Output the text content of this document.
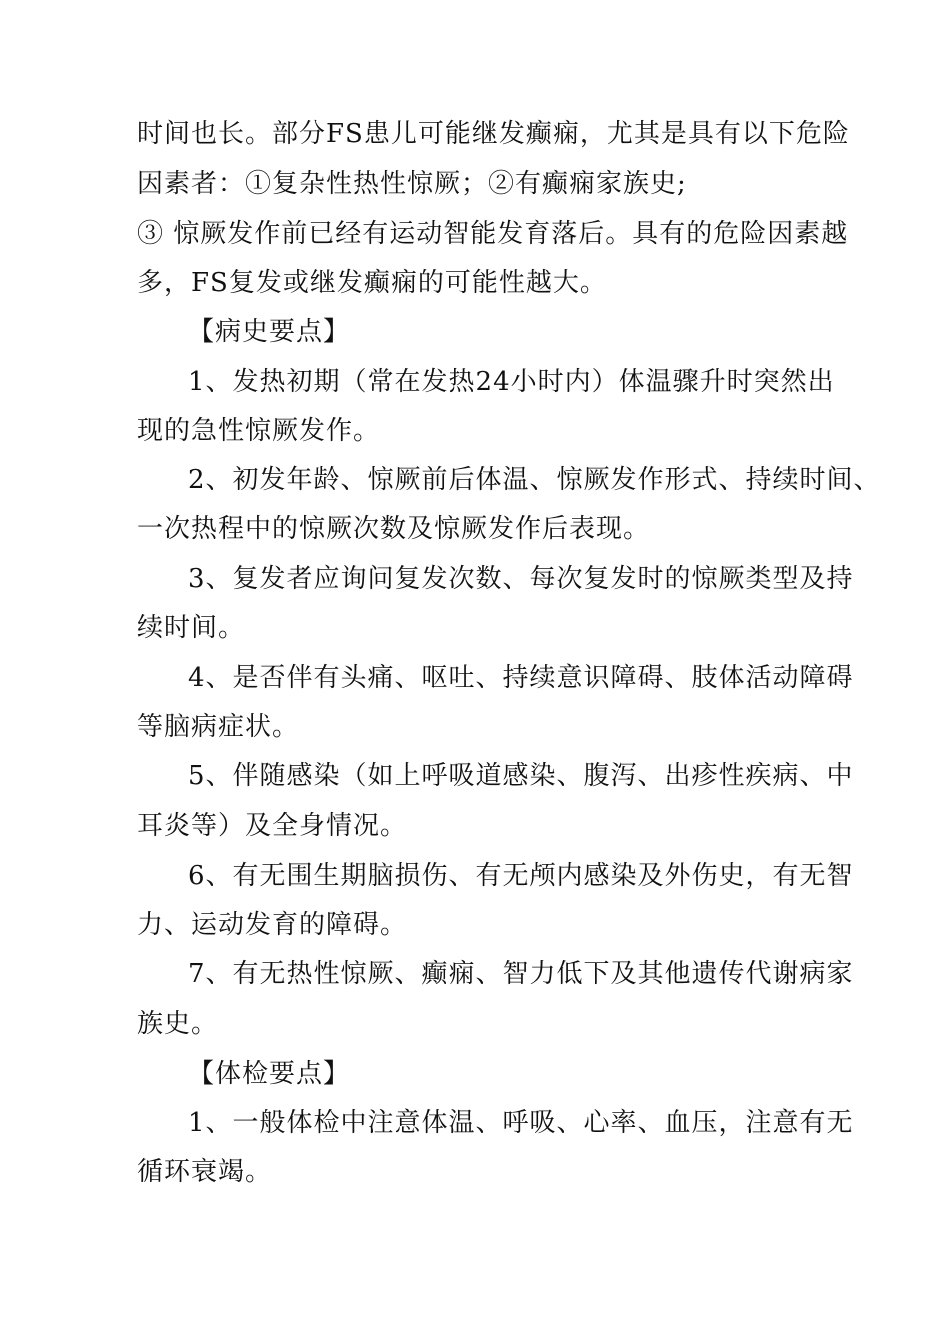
时间也长。部分FS患儿可能继发癫痫，尤其是具有以下危险
因素者：①复杂性热性惊厥；②有癫痫家族史;
③ 惊厥发作前已经有运动智能发育落后。具有的危险因素越
多，FS复发或继发癫痫的可能性越大。
【病史要点】
1、发热初期（常在发热24小时内）体温骤升时突然出
现的急性惊厥发作。
2、初发年龄、惊厥前后体温、惊厥发作形式、持续时间、
一次热程中的惊厥次数及惊厥发作后表现。
3、复发者应询问复发次数、每次复发时的惊厥类型及持
续时间。
4、是否伴有头痛、呕吐、持续意识障碍、肢体活动障碍
等脑病症状。
5、伴随感染（如上呼吸道感染、腹泻、出疹性疾病、中
耳炎等）及全身情况。
6、有无围生期脑损伤、有无颅内感染及外伤史，有无智
力、运动发育的障碍。
7、有无热性惊厥、癫痫、智力低下及其他遗传代谢病家
族史。
【体检要点】
1、一般体检中注意体温、呼吸、心率、血压，注意有无
循环衰竭。
